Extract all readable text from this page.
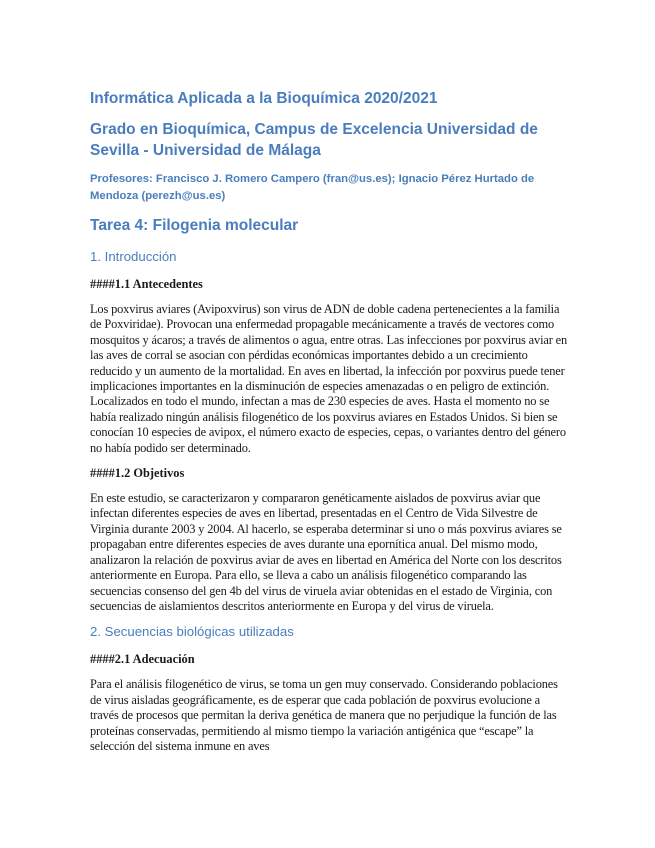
Informática Aplicada a la Bioquímica 2020/2021
Grado en Bioquímica, Campus de Excelencia Universidad de Sevilla - Universidad de Málaga
Profesores: Francisco J. Romero Campero (fran@us.es); Ignacio Pérez Hurtado de Mendoza (perezh@us.es)
Tarea 4: Filogenia molecular
1. Introducción
####1.1 Antecedentes

Los poxvirus aviares (Avipoxvirus) son virus de ADN de doble cadena pertenecientes a la familia de Poxviridae). Provocan una enfermedad propagable mecánicamente a través de vectores como mosquitos y ácaros; a través de alimentos o agua, entre otras. Las infecciones por poxvirus aviar en las aves de corral se asocian con pérdidas económicas importantes debido a un crecimiento reducido y un aumento de la mortalidad. En aves en libertad, la infección por poxvirus puede tener implicaciones importantes en la disminución de especies amenazadas o en peligro de extinción. Localizados en todo el mundo, infectan a mas de 230 especies de aves. Hasta el momento no se había realizado ningún análisis filogenético de los poxvirus aviares en Estados Unidos. Si bien se conocían 10 especies de avipox, el número exacto de especies, cepas, o variantes dentro del género no había podido ser determinado.

####1.2 Objetivos

En este estudio, se caracterizaron y compararon genéticamente aislados de poxvirus aviar que infectan diferentes especies de aves en libertad, presentadas en el Centro de Vida Silvestre de Virginia durante 2003 y 2004. Al hacerlo, se esperaba determinar si uno o más poxvirus aviares se propagaban entre diferentes especies de aves durante una epornítica anual. Del mismo modo, analizaron la relación de poxvirus aviar de aves en libertad en América del Norte con los descritos anteriormente en Europa. Para ello, se lleva a cabo un análisis filogenético comparando las secuencias consenso del gen 4b del virus de viruela aviar obtenidas en el estado de Virginia, con secuencias de aislamientos descritos anteriormente en Europa y del virus de viruela.

2. Secuencias biológicas utilizadas
####2.1 Adecuación

Para el análisis filogenético de virus, se toma un gen muy conservado. Considerando poblaciones de virus aisladas geográficamente, es de esperar que cada población de poxvirus evolucione a través de procesos que permitan la deriva genética de manera que no perjudique la función de las proteínas conservadas, permitiendo al mismo tiempo la variación antigénica que “escape” la selección del sistema inmune en aves
